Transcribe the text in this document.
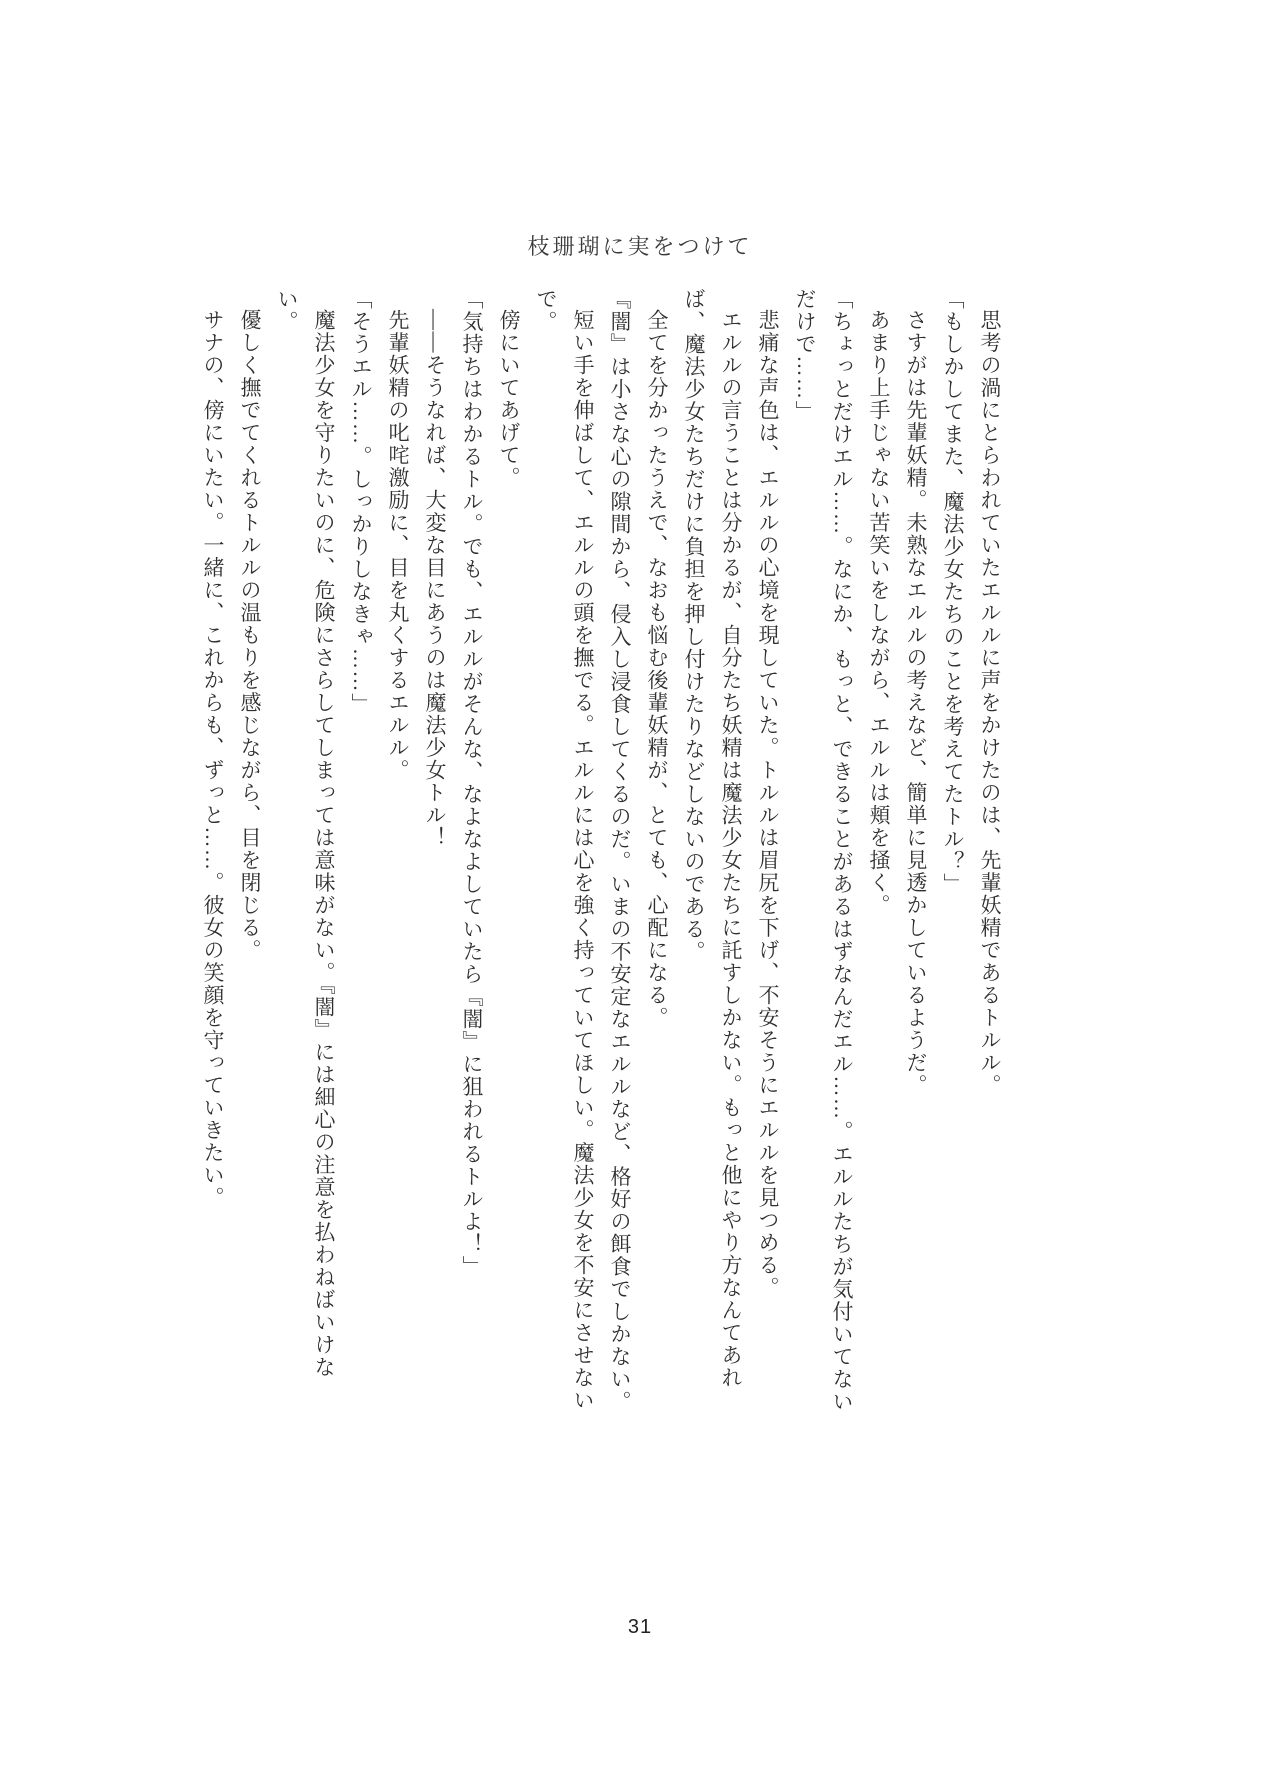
枝珊瑚に実をつけて

思考の渦にとらわれていたエルルに声をかけたのは、先輩妖精であるトルル。

「もしかしてまた、魔法少女たちのことを考えてたトル？」

さすがは先輩妖精。未熟なエルルの考えなど、簡単に見透かしているようだ。

あまり上手じゃない苦笑いをしながら、エルルは頬を掻く。

「ちょっとだけエル……。なにか、もっと、できることがあるはずなんだエル……。エルルたちが気付いてないだけで……」

悲痛な声色は、エルルの心境を現していた。トルルは眉尻を下げ、不安そうにエルルを見つめる。

エルルの言うことは分かるが、自分たち妖精は魔法少女たちに託すしかない。もっと他にやり方なんてあれば、魔法少女たちだけに負担を押し付けたりなどしないのである。

全てを分かったうえで、なおも悩む後輩妖精が、とても、心配になる。

『闇』は小さな心の隙間から、侵入し浸食してくるのだ。いまの不安定なエルルなど、格好の餌食でしかない。

短い手を伸ばして、エルルの頭を撫でる。エルルには心を強く持っていてほしい。魔法少女を不安にさせないで。

傍にいてあげて。

「気持ちはわかるトル。でも、エルルがそんな、なよなよしていたら『闇』に狙われるトルよ！」

――そうなれば、大変な目にあうのは魔法少女トル！

先輩妖精の叱咤激励に、目を丸くするエルル。

「そうエル……。しっかりしなきゃ……」

魔法少女を守りたいのに、危険にさらしてしまっては意味がない。『闇』には細心の注意を払わねばいけない。

優しく撫でてくれるトルルの温もりを感じながら、目を閉じる。

サナの、傍にいたい。一緒に、これからも、ずっと……。彼女の笑顔を守っていきたい。

31
